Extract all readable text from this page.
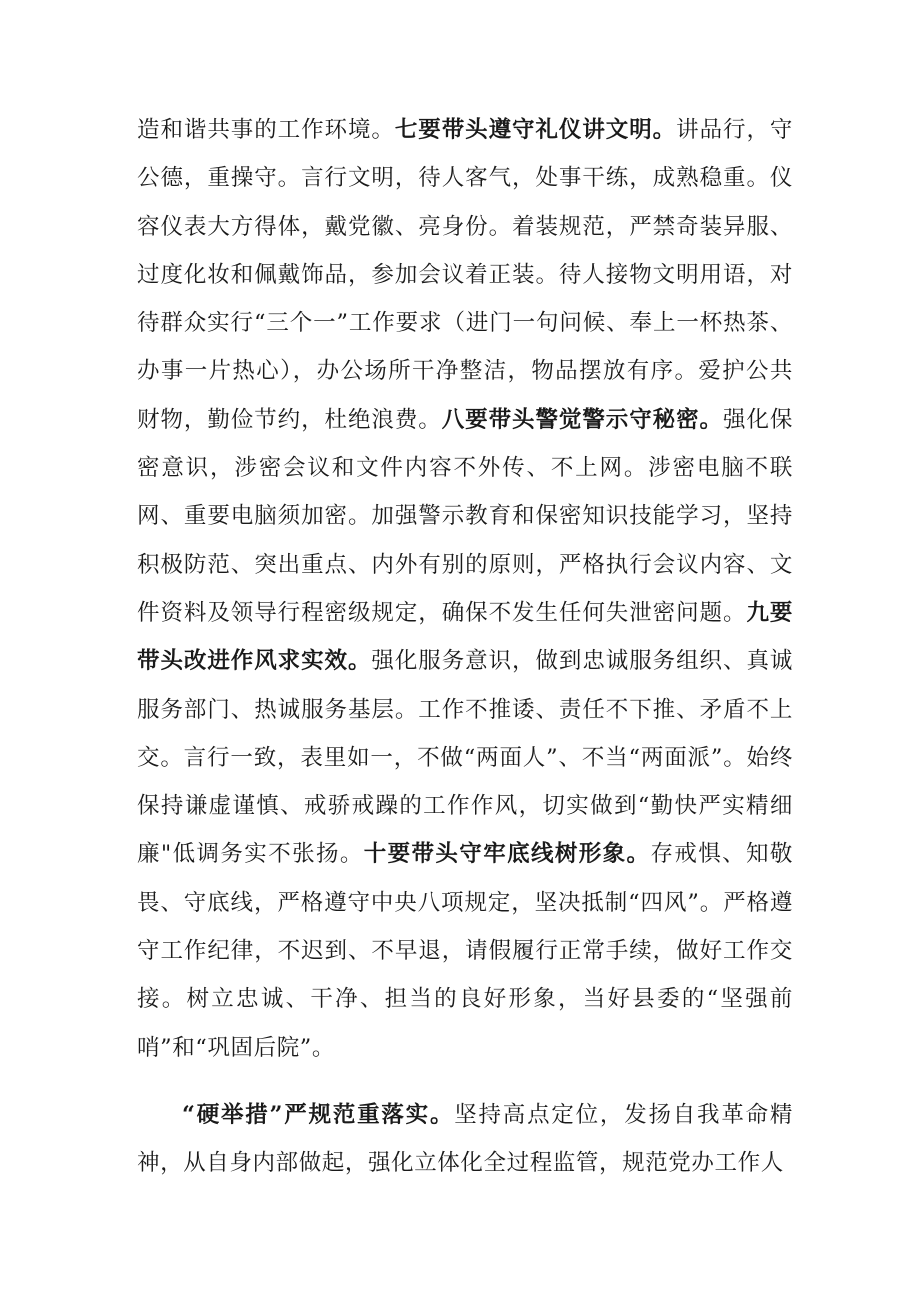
造和谐共事的工作环境。七要带头遵守礼仪讲文明。讲品行，守公德，重操守。言行文明，待人客气，处事干练，成熟稳重。仪容仪表大方得体，戴党徽、亮身份。着装规范，严禁奇装异服、过度化妆和佩戴饰品，参加会议着正装。待人接物文明用语，对待群众实行“三个一”工作要求（进门一句问候、奉上一杯热茶、办事一片热心），办公场所干净整洁，物品摆放有序。爱护公共财物，勤俭节约，杜绝浪费。八要带头警觉警示守秘密。强化保密意识，涉密会议和文件内容不外传、不上网。涉密电脑不联网、重要电脑须加密。加强警示教育和保密知识技能学习，坚持积极防范、突出重点、内外有别的原则，严格执行会议内容、文件资料及领导行程密级规定，确保不发生任何失泄密问题。九要带头改进作风求实效。强化服务意识，做到忠诚服务组织、真诚服务部门、热诚服务基层。工作不推诿、责任不下推、矛盾不上交。言行一致，表里如一，不做“两面人”、不当“两面派”。始终保持谦虚谨慎、戒骄戒躁的工作作风，切实做到“勤快严实精细廉"低调务实不张扬。十要带头守牢底线树形象。存戒惧、知敬畏、守底线，严格遵守中央八项规定，坚决抵制“四风”。严格遵守工作纪律，不迟到、不早退，请假履行正常手续，做好工作交接。树立忠诚、干净、担当的良好形象，当好县委的“坚强前哨”和“巩固后院”。

“硬举措”严规范重落实。坚持高点定位，发扬自我革命精神，从自身内部做起，强化立体化全过程监管，规范党办工作人
